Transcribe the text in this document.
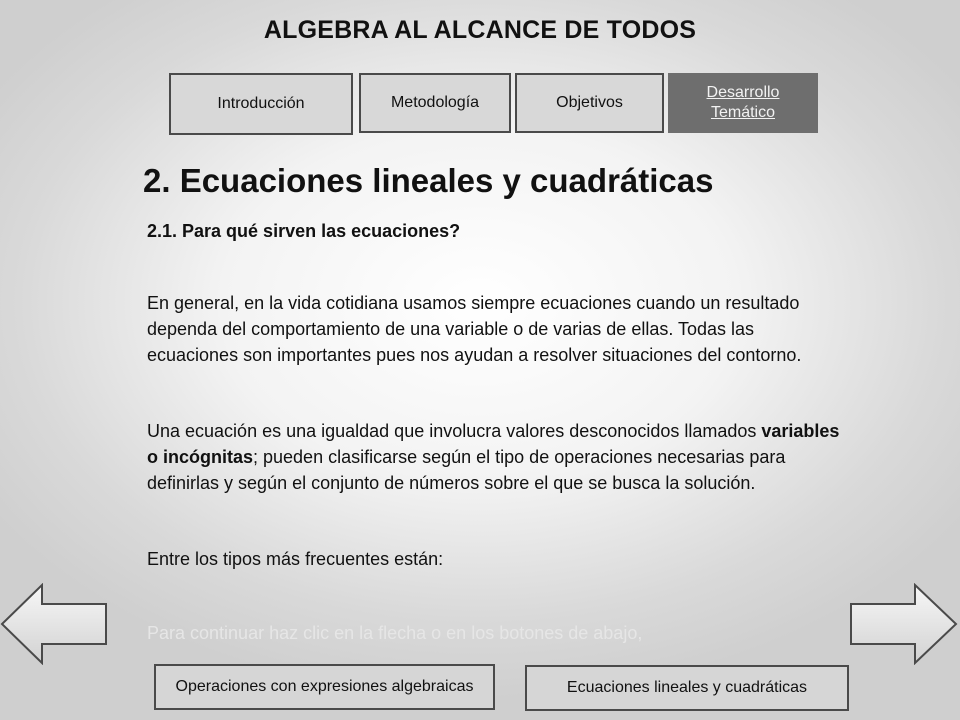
ALGEBRA AL ALCANCE DE TODOS
Introducción	Metodología	Objetivos
Desarrollo
Temático
2. Ecuaciones lineales y cuadráticas
2.1. Para qué sirven las ecuaciones?

En general, en la vida cotidiana usamos siempre ecuaciones cuando un resultado dependa del comportamiento de una variable o de varias de ellas. Todas las ecuaciones son importantes pues nos ayudan a resolver situaciones del contorno.

Una ecuación es una igualdad que involucra valores desconocidos llamados variables o incógnitas; pueden clasificarse según el tipo de operaciones necesarias para definirlas y según el conjunto de números sobre el que se busca la solución.

Entre los tipos más frecuentes están:

Para continuar haz clic en la flecha o en los botones de abajo,
Operaciones con expresiones algebraicas	Ecuaciones lineales y cuadráticas
